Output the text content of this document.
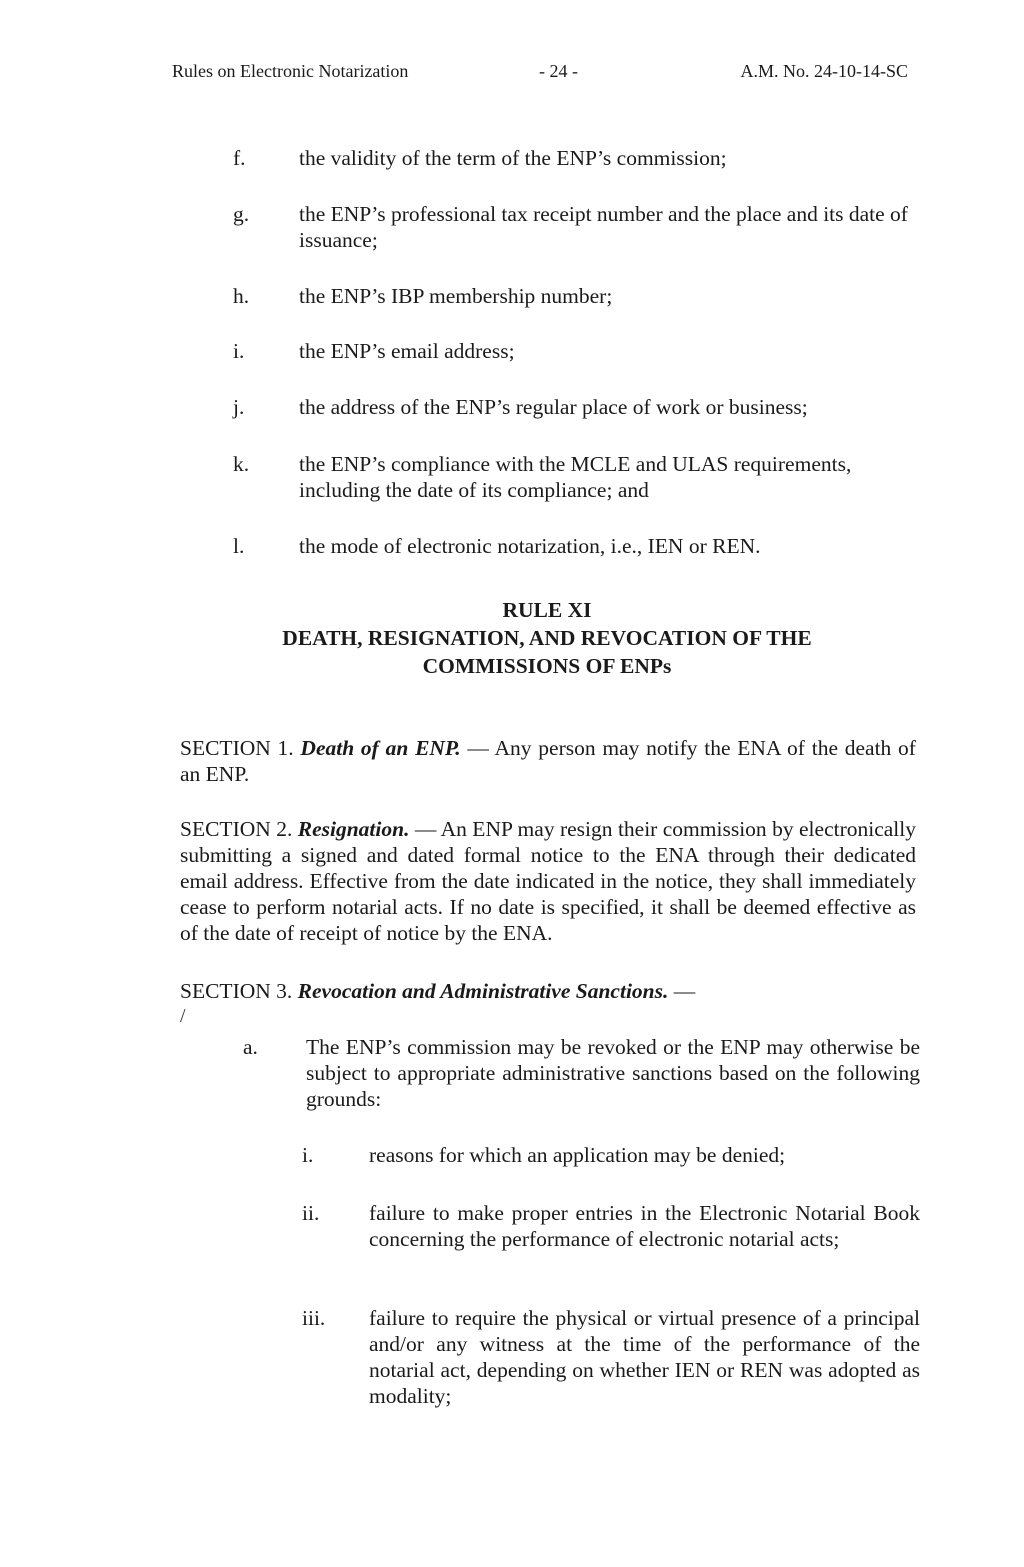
Rules on Electronic Notarization	- 24 -	A.M. No. 24-10-14-SC
f. the validity of the term of the ENP’s commission;
g. the ENP’s professional tax receipt number and the place and its date of issuance;
h. the ENP’s IBP membership number;
i.	the ENP’s email address;
j.	the address of the ENP’s regular place of work or business;
k. the ENP’s compliance with the MCLE and ULAS requirements, including the date of its compliance; and
l.	the mode of electronic notarization, i.e., IEN or REN.
RULE XI
DEATH, RESIGNATION, AND REVOCATION OF THE
COMMISSIONS OF ENPs
SECTION 1. Death of an ENP. — Any person may notify the ENA of the death of an ENP.
SECTION 2. Resignation. — An ENP may resign their commission by electronically submitting a signed and dated formal notice to the ENA through their dedicated email address. Effective from the date indicated in the notice, they shall immediately cease to perform notarial acts. If no date is specified, it shall be deemed effective as of the date of receipt of notice by the ENA.
SECTION 3. Revocation and Administrative Sanctions. —
/
a. The ENP’s commission may be revoked or the ENP may otherwise be subject to appropriate administrative sanctions based on the following grounds:
i.	reasons for which an application may be denied;
ii. failure to make proper entries in the Electronic Notarial Book concerning the performance of electronic notarial acts;
iii. failure to require the physical or virtual presence of a principal and/or any witness at the time of the performance of the notarial act, depending on whether IEN or REN was adopted as modality;
